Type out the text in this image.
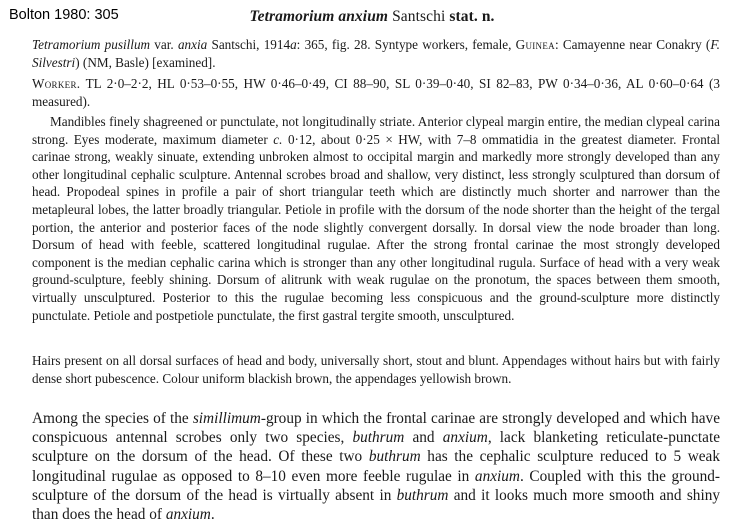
Bolton 1980: 305	Tetramorium anxium Santschi stat. n.

Tetramorium pusillum var. anxia Santschi, 1914a: 365, fig. 28. Syntype workers, female, Guinea: Camayenne near Conakry (F. Silvestri) (NM, Basle) [examined].

Worker. TL 2·0–2·2, HL 0·53–0·55, HW 0·46–0·49, CI 88–90, SL 0·39–0·40, SI 82–83, PW 0·34–0·36, AL 0·60–0·64 (3 measured).

Mandibles finely shagreened or punctulate, not longitudinally striate. Anterior clypeal margin entire, the median clypeal carina strong. Eyes moderate, maximum diameter c. 0·12, about 0·25 × HW, with 7–8 ommatidia in the greatest diameter. Frontal carinae strong, weakly sinuate, extending unbroken almost to occipital margin and markedly more strongly developed than any other longitudinal cephalic sculpture. Antennal scrobes broad and shallow, very distinct, less strongly sculptured than dorsum of head. Propodeal spines in profile a pair of short triangular teeth which are distinctly much shorter and narrower than the metapleural lobes, the latter broadly triangular. Petiole in profile with the dorsum of the node shorter than the height of the tergal portion, the anterior and posterior faces of the node slightly convergent dorsally. In dorsal view the node broader than long. Dorsum of head with feeble, scattered longitudinal rugulae. After the strong frontal carinae the most strongly developed component is the median cephalic carina which is stronger than any other longitudinal rugula. Surface of head with a very weak ground-sculpture, feebly shining. Dorsum of alitrunk with weak rugulae on the pronotum, the spaces between them smooth, virtually unsculptured. Posterior to this the rugulae becoming less conspicuous and the ground-sculpture more distinctly punctulate. Petiole and postpetiole punctulate, the first gastral tergite smooth, unsculptured.

Hairs present on all dorsal surfaces of head and body, universally short, stout and blunt. Appendages without hairs but with fairly dense short pubescence. Colour uniform blackish brown, the appendages yellowish brown.

Among the species of the simillimum-group in which the frontal carinae are strongly developed and which have conspicuous antennal scrobes only two species, buthrum and anxium, lack blanketing reticulate-punctate sculpture on the dorsum of the head. Of these two buthrum has the cephalic sculpture reduced to 5 weak longitudinal rugulae as opposed to 8–10 even more feeble rugulae in anxium. Coupled with this the ground-sculpture of the dorsum of the head is virtually absent in buthrum and it looks much more smooth and shiny than does the head of anxium.
